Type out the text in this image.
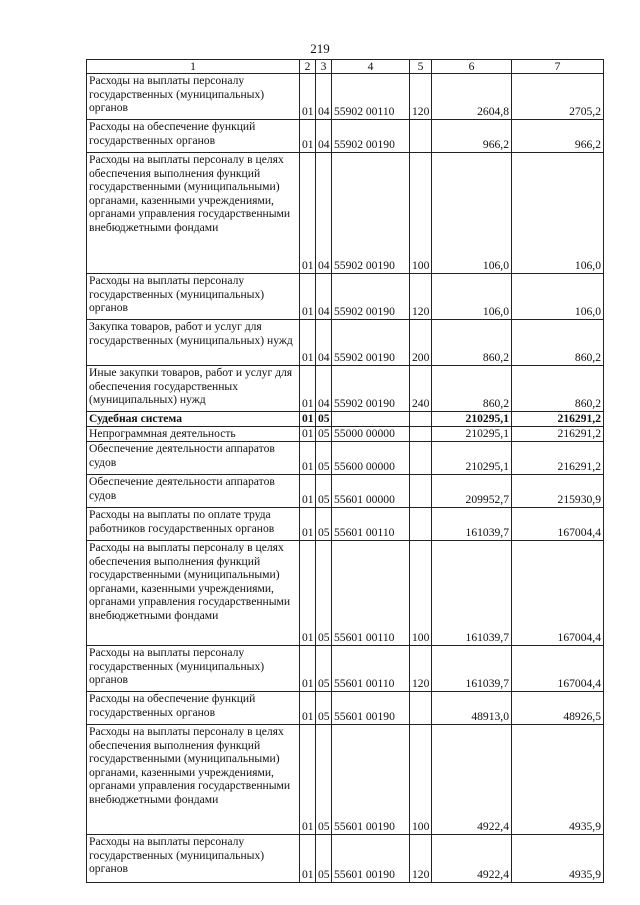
219
1	2	3	4	5	6	7
Расходы на выплаты персоналу государственных (муниципальных) органов	01	04	55902 00110	120	2604,8	2705,2
Расходы на обеспечение функций государственных органов	01	04	55902 00190		966,2	966,2
Расходы на выплаты персоналу в целях обеспечения выполнения функций государственными (муниципальными) органами, казенными учреждениями, органами управления государственными внебюджетными фондами	01	04	55902 00190	100	106,0	106,0
Расходы на выплаты персоналу государственных (муниципальных) органов	01	04	55902 00190	120	106,0	106,0
Закупка товаров, работ и услуг для государственных (муниципальных) нужд	01	04	55902 00190	200	860,2	860,2
Иные закупки товаров, работ и услуг для обеспечения государственных (муниципальных) нужд	01	04	55902 00190	240	860,2	860,2
Судебная система	01	05			210295,1	216291,2
Непрограммная деятельность	01	05	55000 00000		210295,1	216291,2
Обеспечение деятельности аппаратов судов	01	05	55600 00000		210295,1	216291,2
Обеспечение деятельности аппаратов судов	01	05	55601 00000		209952,7	215930,9
Расходы на выплаты по оплате труда работников государственных органов	01	05	55601 00110		161039,7	167004,4
Расходы на выплаты персоналу в целях обеспечения выполнения функций государственными (муниципальными) органами, казенными учреждениями, органами управления государственными внебюджетными фондами	01	05	55601 00110	100	161039,7	167004,4
Расходы на выплаты персоналу государственных (муниципальных) органов	01	05	55601 00110	120	161039,7	167004,4
Расходы на обеспечение функций государственных органов	01	05	55601 00190		48913,0	48926,5
Расходы на выплаты персоналу в целях обеспечения выполнения функций государственными (муниципальными) органами, казенными учреждениями, органами управления государственными внебюджетными фондами	01	05	55601 00190	100	4922,4	4935,9
Расходы на выплаты персоналу государственных (муниципальных) органов	01	05	55601 00190	120	4922,4	4935,9
